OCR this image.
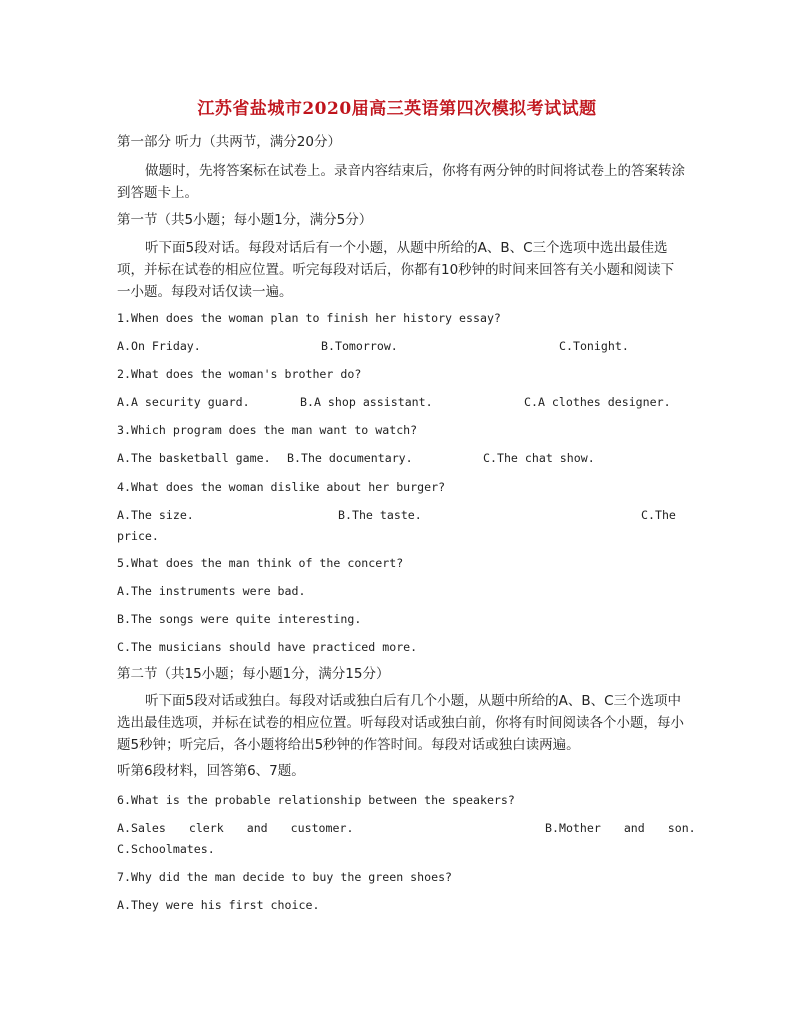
江苏省盐城市2020届高三英语第四次模拟考试试题
第一部分 听力（共两节，满分20分）
做题时，先将答案标在试卷上。录音内容结束后，你将有两分钟的时间将试卷上的答案转涂到答题卡上。
第一节（共5小题；每小题1分，满分5分）
听下面5段对话。每段对话后有一个小题，从题中所给的A、B、C三个选项中选出最佳选项，并标在试卷的相应位置。听完每段对话后，你都有10秒钟的时间来回答有关小题和阅读下一小题。每段对话仅读一遍。
1.When does the woman plan to finish her history essay?
A.On Friday.	B.Tomorrow.	C.Tonight.
2.What does the woman's brother do?
A.A security guard.	B.A shop assistant.	C.A clothes designer.
3.Which program does the man want to watch?
A.The basketball game. B.The documentary.	C.The chat show.
4.What does the woman dislike about her burger?
A.The size.	B.The taste.	C.The
price.
5.What does the man think of the concert?
A.The instruments were bad.
B.The songs were quite interesting.
C.The musicians should have practiced more.
第二节（共15小题；每小题1分，满分15分）
听下面5段对话或独白。每段对话或独白后有几个小题，从题中所给的A、B、C三个选项中选出最佳选项，并标在试卷的相应位置。听每段对话或独白前，你将有时间阅读各个小题，每小题5秒钟；听完后，各小题将给出5秒钟的作答时间。每段对话或独白读两遍。
听第6段材料，回答第6、7题。
6.What is the probable relationship between the speakers?
A.Sales clerk and customer.	B.Mother and son.
C.Schoolmates.
7.Why did the man decide to buy the green shoes?
A.They were his first choice.
